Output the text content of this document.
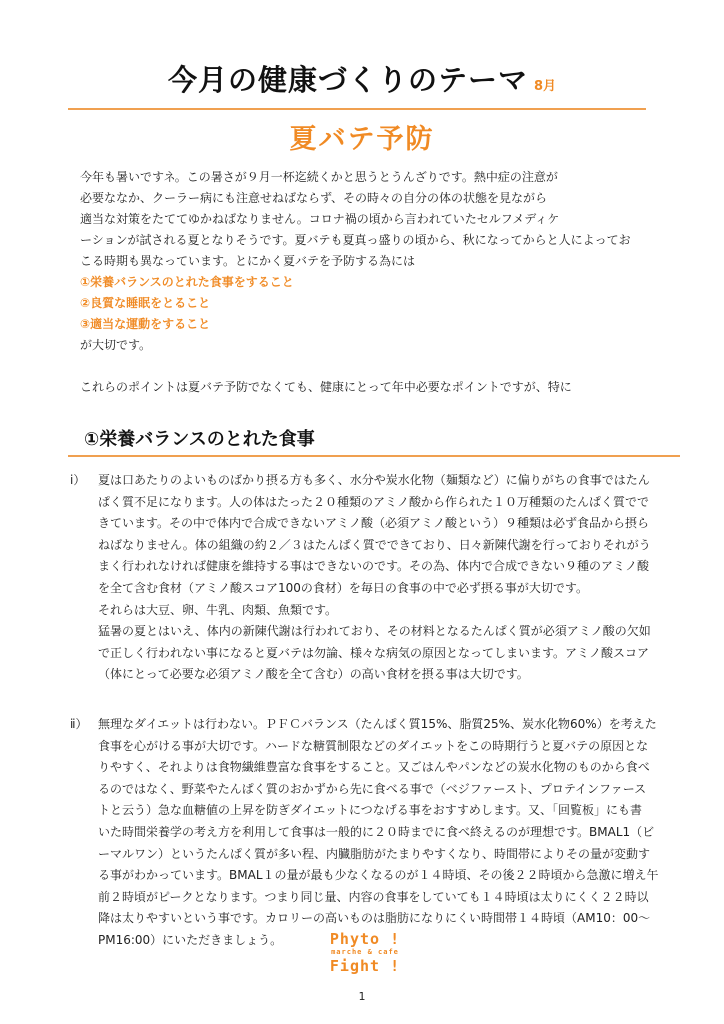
今月の健康づくりのテーマ 8月
夏バテ予防

今年も暑いですネ。この暑さが９月一杯迄続くかと思うとうんざりです。熱中症の注意が

必要ななか、クーラー病にも注意せねばならず、その時々の自分の体の状態を見ながら

適当な対策をたててゆかねばなりません。コロナ禍の頃から言われていたセルフメディケ

ーションが試される夏となりそうです。夏バテも夏真っ盛りの頃から、秋になってからと人によってお

こる時期も異なっています。とにかく夏バテを予防する為には

①栄養バランスのとれた食事をすること

②良質な睡眠をとること

③適当な運動をすること

が大切です。

これらのポイントは夏バテ予防でなくても、健康にとって年中必要なポイントですが、特に

①栄養バランスのとれた食事
ⅰ） 夏は口あたりのよいものばかり摂る方も多く、水分や炭水化物（麺類など）に偏りがちの食事ではたん

ぱく質不足になります。人の体はたった２０種類のアミノ酸から作られた１０万種類のたんぱく質でで

きています。その中で体内で合成できないアミノ酸（必須アミノ酸という）９種類は必ず食品から摂ら

ねばなりません。体の組織の約２／３はたんぱく質でできており、日々新陳代謝を行っておりそれがう

まく行われなければ健康を維持する事はできないのです。その為、体内で合成できない９種のアミノ酸

を全て含む食材（アミノ酸スコア100の食材）を毎日の食事の中で必ず摂る事が大切です。

それらは大豆、卵、牛乳、肉類、魚類です。

猛暑の夏とはいえ、体内の新陳代謝は行われており、その材料となるたんぱく質が必須アミノ酸の欠如

で正しく行われない事になると夏バテは勿論、様々な病気の原因となってしまいます。アミノ酸スコア

（体にとって必要な必須アミノ酸を全て含む）の高い食材を摂る事は大切です。

ⅱ） 無理なダイエットは行わない。ＰＦＣバランス（たんぱく質15%、脂質25%、炭水化物60%）を考えた

食事を心がける事が大切です。ハードな糖質制限などのダイエットをこの時期行うと夏バテの原因とな

りやすく、それよりは食物繊維豊富な食事をすること。又ごはんやパンなどの炭水化物のものから食べ

るのではなく、野菜やたんぱく質のおかずから先に食べる事で（ベジファースト、プロテインファース

トと云う）急な血糖値の上昇を防ぎダイエットにつなげる事をおすすめします。又、「回覧板」にも書

いた時間栄養学の考え方を利用して食事は一般的に２０時までに食べ終えるのが理想です。BMAL1（ビ

ーマルワン）というたんぱく質が多い程、内臓脂肪がたまりやすくなり、時間帯によりその量が変動す

る事がわかっています。BMAL１の量が最も少なくなるのが１４時頃、その後２２時頃から急激に増え午

前２時頃がピークとなります。つまり同じ量、内容の食事をしていても１４時頃は太りにくく２２時以

降は太りやすいという事です。カロリーの高いものは脂肪になりにくい時間帯１４時頃（AM10：00～

PM16:00）にいただきましょう。	Phyto !
marche & cafe
Fight !
1
